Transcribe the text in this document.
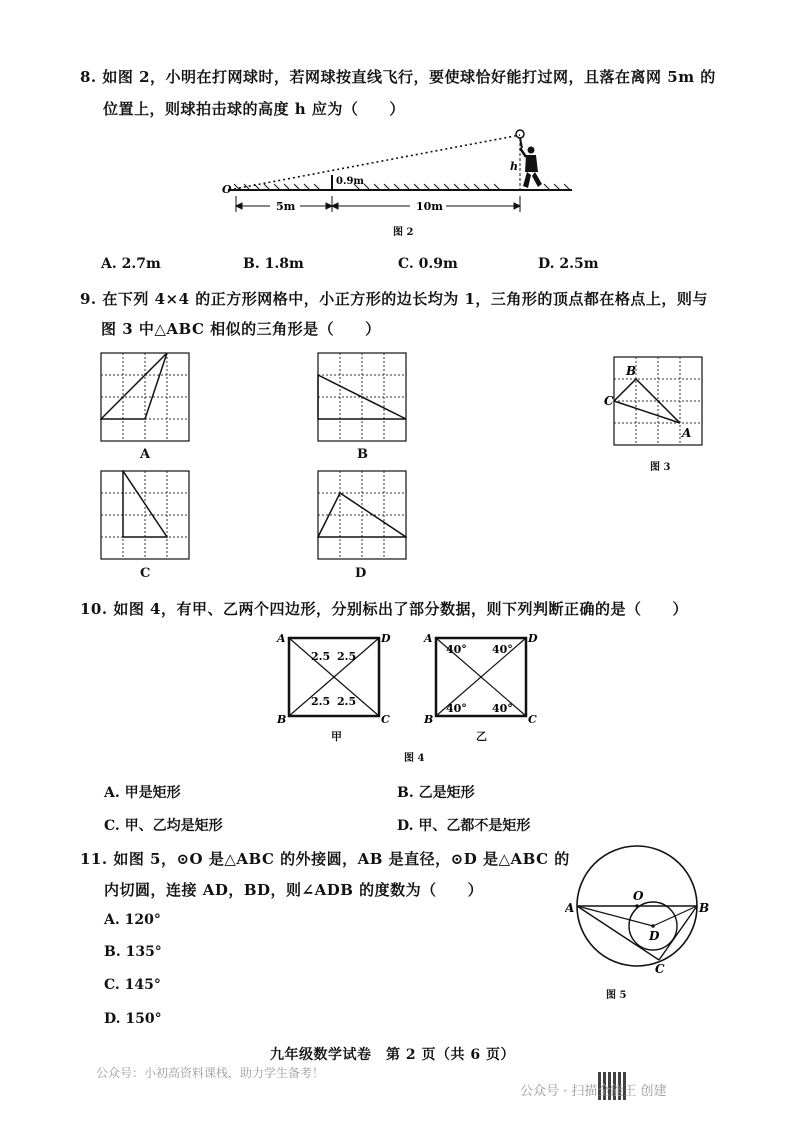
8. 如图 2，小明在打网球时，若网球按直线飞行，要使球恰好能打过网，且落在离网 5m 的
位置上，则球拍击球的高度 h 应为（　　）
0.9m
O
h
5m	10m
图 2
A. 2.7m	B. 1.8m	C. 0.9m	D. 2.5m
9. 在下列 4×4 的正方形网格中，小正方形的边长均为 1，三角形的顶点都在格点上，则与
图 3 中△ABC 相似的三角形是（　　）
A	B
C	D
B
C
A
图 3
10. 如图 4，有甲、乙两个四边形，分别标出了部分数据，则下列判断正确的是（　　）
A	D
B	C
2.5 2.5
2.5 2.5
甲
A	D
B	C
40° 40°
40° 40°
乙
图 4
A. 甲是矩形	B. 乙是矩形
C. 甲、乙均是矩形	D. 甲、乙都不是矩形
11. 如图 5，⊙O 是△ABC 的外接圆，AB 是直径，⊙D 是△ABC 的
内切圆，连接 AD，BD，则∠ADB 的度数为（　　）
A. 120°
B. 135°
C. 145°
D. 150°
A	B
O
D
C
图 5
九年级数学试卷　第 2 页（共 6 页）
公众号：小初高资料课栈，助力学生备考！
公众号 · 扫描全能王 创建
